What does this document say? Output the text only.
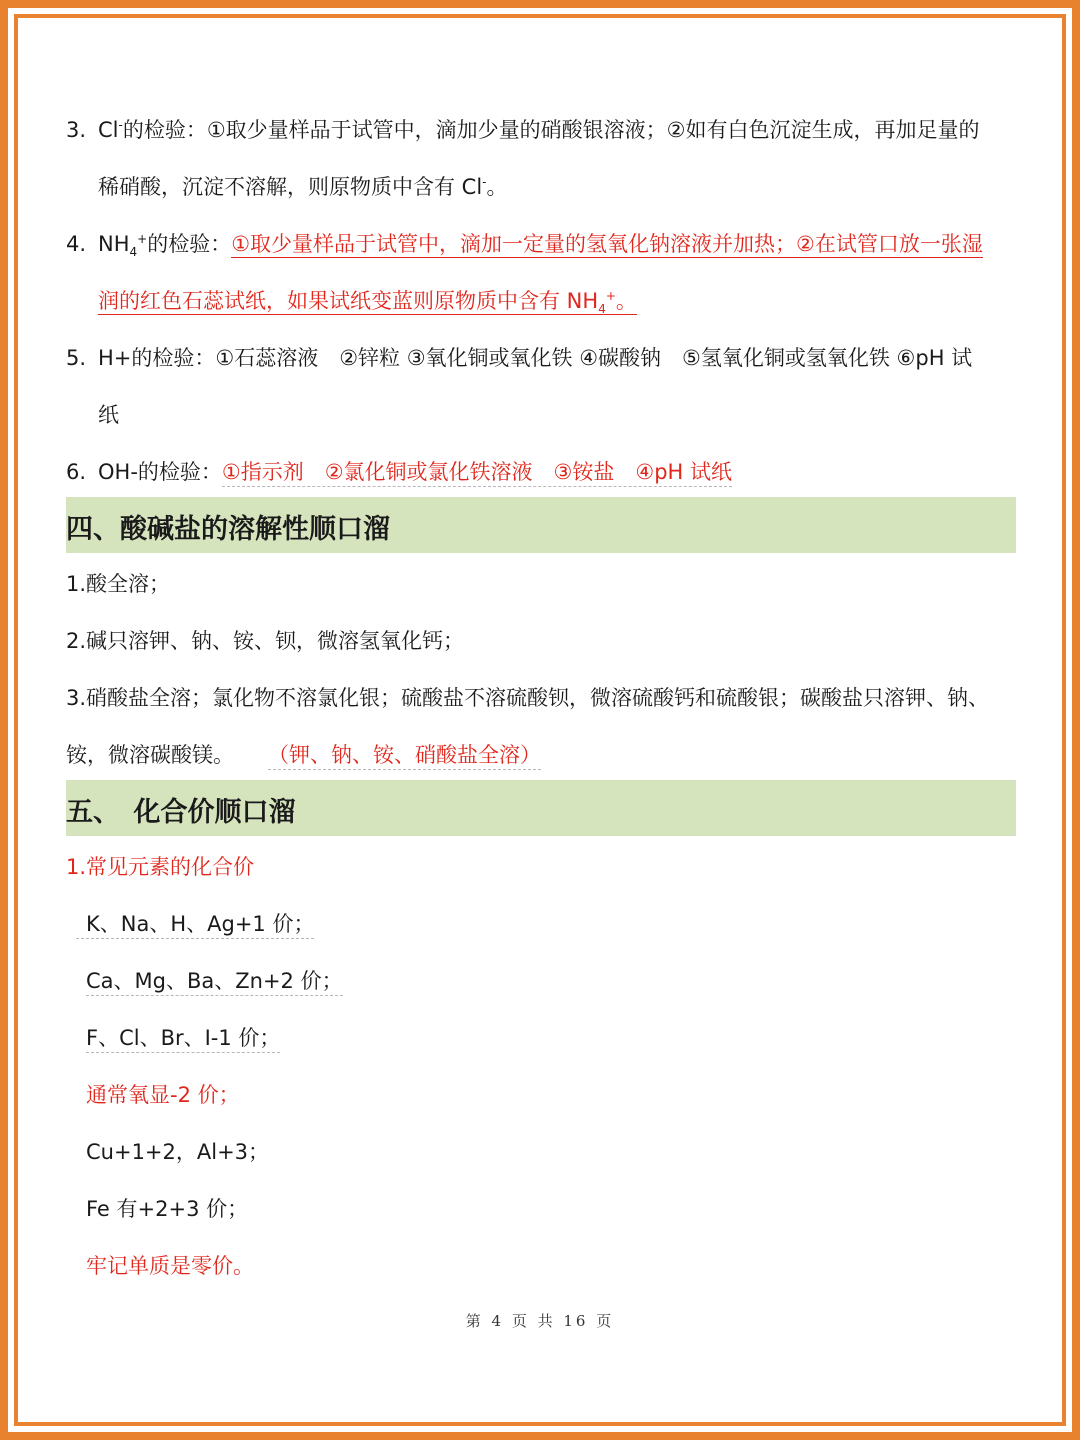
3. Cl-的检验：①取少量样品于试管中，滴加少量的硝酸银溶液；②如有白色沉淀生成，再加足量的
稀硝酸，沉淀不溶解，则原物质中含有 Cl-。
4. $NH_4^+$的检验：①取少量样品于试管中，滴加一定量的氢氧化钠溶液并加热；②在试管口放一张湿
润的红色石蕊试纸，如果试纸变蓝则原物质中含有 $NH_4^+$。
5. H+的检验：①石蕊溶液　②锌粒 ③氧化铜或氧化铁 ④碳酸钠　⑤氢氧化铜或氢氧化铁 ⑥pH 试
纸
6. OH-的检验：①指示剂　②氯化铜或氯化铁溶液　③铵盐　④pH 试纸
四、酸碱盐的溶解性顺口溜
1.酸全溶；
2.碱只溶钾、钠、铵、钡，微溶氢氧化钙；
3.硝酸盐全溶；氯化物不溶氯化银；硫酸盐不溶硫酸钡，微溶硫酸钙和硫酸银；碳酸盐只溶钾、钠、
铵，微溶碳酸镁。 （钾、钠、铵、硝酸盐全溶）
五、　化合价顺口溜
1.常见元素的化合价
K、Na、H、Ag+1 价；
Ca、Mg、Ba、Zn+2 价；
F、Cl、Br、I-1 价；
通常氧显-2 价；
Cu+1+2，Al+3；
Fe 有+2+3 价；
牢记单质是零价。
第 4 页 共 16 页
